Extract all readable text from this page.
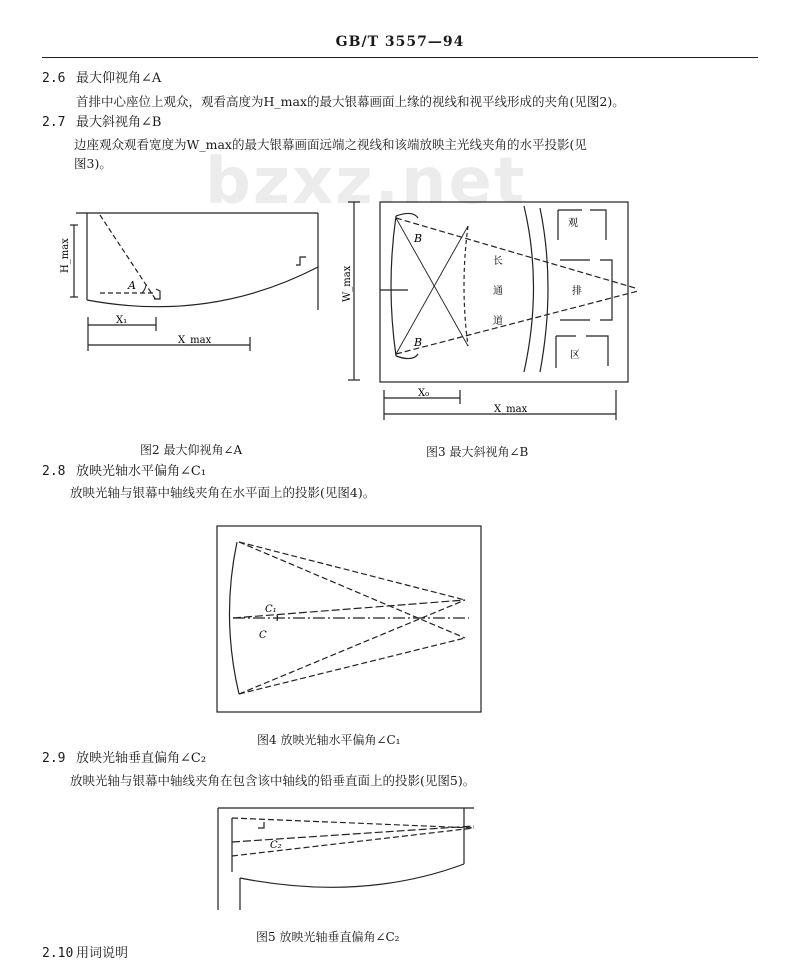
bzxz.net
GB/T 3557—94
2.6 最大仰视角∠A
首排中心座位上观众，观看高度为H_max的最大银幕画面上缘的视线和视平线形成的夹角(见图2)。
2.7 最大斜视角∠B
边座观众观看宽度为W_max的最大银幕画面远端之视线和该端放映主光线夹角的水平投影(见
图3)。
H_max
A
X₁
X_max
W_max
B
B
长
通
道
观
排
区
X₀
X_max
图2 最大仰视角∠A	图3 最大斜视角∠B
2.8 放映光轴水平偏角∠C₁
放映光轴与银幕中轴线夹角在水平面上的投影(见图4)。
C₁
C
图4 放映光轴水平偏角∠C₁
2.9 放映光轴垂直偏角∠C₂
放映光轴与银幕中轴线夹角在包含该中轴线的铅垂直面上的投影(见图5)。
C₂
图5 放映光轴垂直偏角∠C₂
2.10 用词说明
